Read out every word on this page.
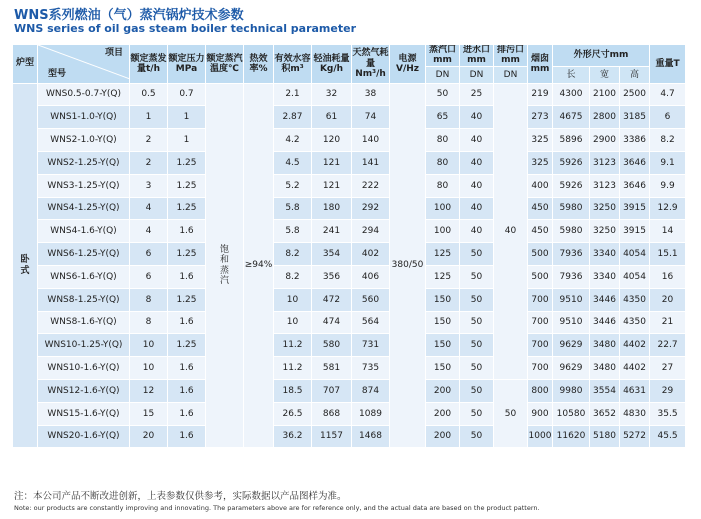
WNS系列燃油（气）蒸汽锅炉技术参数
WNS series of oil gas steam boiler technical parameter
炉型	项目
型号	额定蒸发量t/h	额定压力MPa	额定蒸汽温度℃	热效率%	有效水容积m³	轻油耗量Kg/h	天然气耗量Nm³/h	电源V/Hz	蒸汽口mm	进水口mm	排污口mm	烟囱mm	外形尺寸mm			重量T
										DN	DN	DN		长	宽	高	

卧式	WNS0.5-0.7-Y(Q)	0.5	0.7	饱和蒸汽	≥94%	2.1	32	38	380/50	50	25	40	219	4300	2100	2500	4.7
	WNS1-1.0-Y(Q)	1	1			2.87	61	74		65	40		273	4675	2800	3185	6
	WNS2-1.0-Y(Q)	2	1			4.2	120	140		80	40		325	5896	2900	3386	8.2
	WNS2-1.25-Y(Q)	2	1.25			4.5	121	141		80	40		325	5926	3123	3646	9.1
	WNS3-1.25-Y(Q)	3	1.25			5.2	121	222		80	40		400	5926	3123	3646	9.9
	WNS4-1.25-Y(Q)	4	1.25			5.8	180	292		100	40		450	5980	3250	3915	12.9
	WNS4-1.6-Y(Q)	4	1.6			5.8	241	294		100	40		450	5980	3250	3915	14
	WNS6-1.25-Y(Q)	6	1.25			8.2	354	402		125	50		500	7936	3340	4054	15.1
	WNS6-1.6-Y(Q)	6	1.6			8.2	356	406		125	50		500	7936	3340	4054	16
	WNS8-1.25-Y(Q)	8	1.25			10	472	560		150	50		700	9510	3446	4350	20
	WNS8-1.6-Y(Q)	8	1.6			10	474	564		150	50		700	9510	3446	4350	21
	WNS10-1.25-Y(Q)	10	1.25			11.2	580	731		150	50		700	9629	3480	4402	22.7
	WNS10-1.6-Y(Q)	10	1.6			11.2	581	735		150	50		700	9629	3480	4402	27
	WNS12-1.6-Y(Q)	12	1.6			18.5	707	874		200	50	50	800	9980	3554	4631	29
	WNS15-1.6-Y(Q)	15	1.6			26.5	868	1089		200	50		900	10580	3652	4830	35.5
	WNS20-1.6-Y(Q)	20	1.6			36.2	1157	1468		200	50		1000	11620	5180	5272	45.5
注：本公司产品不断改进创新，上表参数仅供参考，实际数据以产品图样为准。
Note: our products are constantly improving and innovating. The parameters above are for reference only, and the actual data are based on the product pattern.
